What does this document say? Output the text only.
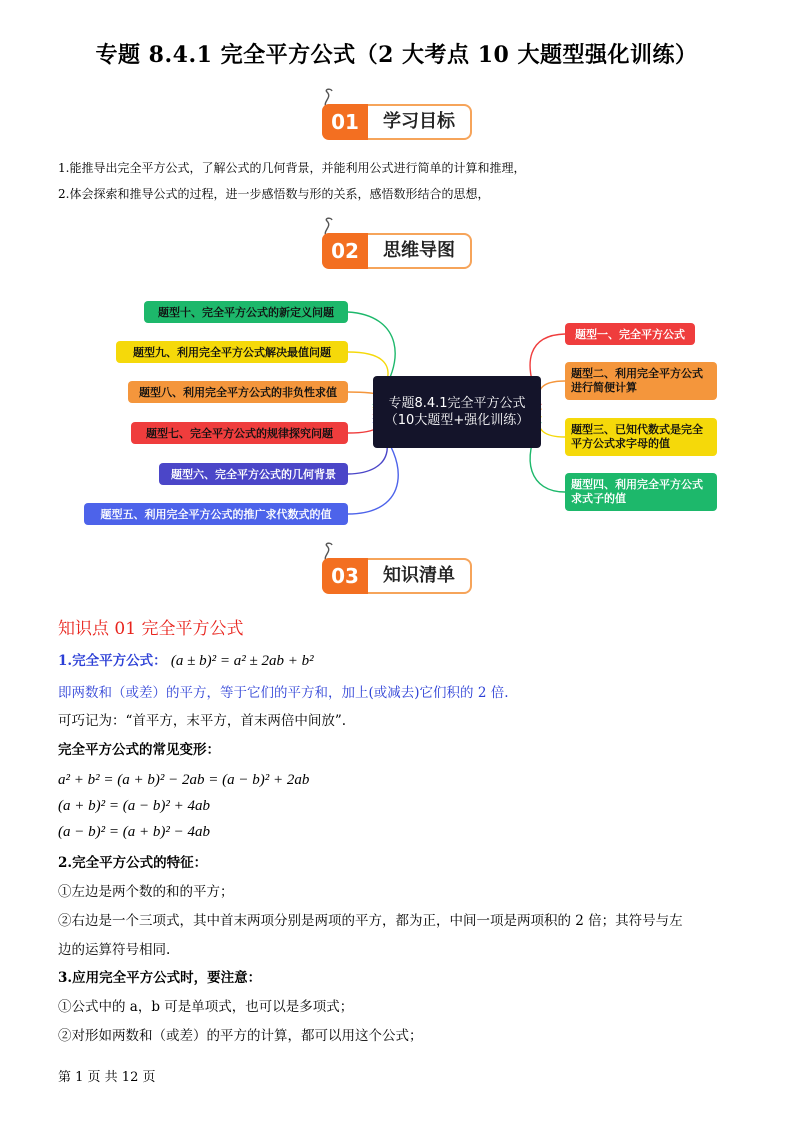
专题 8.4.1 完全平方公式（2 大考点 10 大题型强化训练）
01	学习目标
1.能推导出完全平方公式，了解公式的几何背景，并能利用公式进行简单的计算和推理，
2.体会探索和推导公式的过程，进一步感悟数与形的关系，感悟数形结合的思想，
02	思维导图
专题8.4.1完全平方公式（10大题型+强化训练）
题型十、完全平方公式的新定义问题
题型九、利用完全平方公式解决最值问题
题型八、利用完全平方公式的非负性求值
题型七、完全平方公式的规律探究问题
题型六、完全平方公式的几何背景
题型五、利用完全平方公式的推广求代数式的值
题型一、完全平方公式
题型二、利用完全平方公式进行简便计算
题型三、已知代数式是完全平方公式求字母的值
题型四、利用完全平方公式求式子的值
03	知识清单
知识点 01 完全平方公式
1.完全平方公式： (a ± b)² = a² ± 2ab + b²
即两数和（或差）的平方，等于它们的平方和，加上(或减去)它们积的 2 倍.
可巧记为：“首平方，末平方，首末两倍中间放”.
完全平方公式的常见变形：
a² + b² = (a + b)² − 2ab = (a − b)² + 2ab
(a + b)² = (a − b)² + 4ab
(a − b)² = (a + b)² − 4ab
2.完全平方公式的特征：
①左边是两个数的和的平方；
②右边是一个三项式，其中首末两项分别是两项的平方，都为正，中间一项是两项积的 2 倍；其符号与左
边的运算符号相同.
3.应用完全平方公式时，要注意：
①公式中的 a，b 可是单项式，也可以是多项式；
②对形如两数和（或差）的平方的计算，都可以用这个公式；
第 1 页 共 12 页
